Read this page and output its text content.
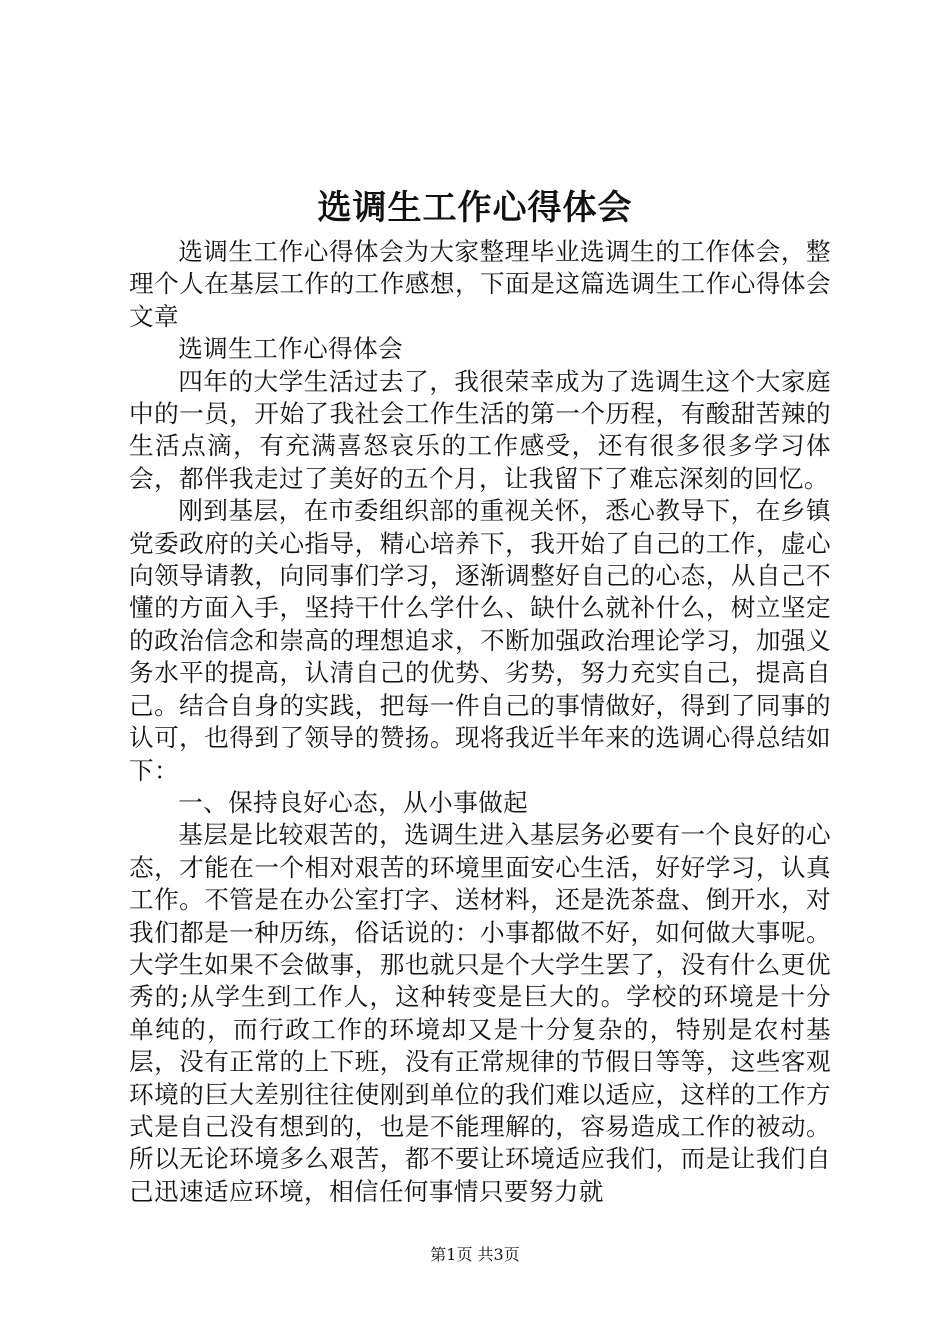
选调生工作心得体会

选调生工作心得体会为大家整理毕业选调生的工作体会，整理个人在基层工作的工作感想，下面是这篇选调生工作心得体会文章

选调生工作心得体会

四年的大学生活过去了，我很荣幸成为了选调生这个大家庭中的一员，开始了我社会工作生活的第一个历程，有酸甜苦辣的生活点滴，有充满喜怒哀乐的工作感受，还有很多很多学习体会，都伴我走过了美好的五个月，让我留下了难忘深刻的回忆。

刚到基层，在市委组织部的重视关怀，悉心教导下，在乡镇党委政府的关心指导，精心培养下，我开始了自己的工作，虚心向领导请教，向同事们学习，逐渐调整好自己的心态，从自己不懂的方面入手，坚持干什么学什么、缺什么就补什么，树立坚定的政治信念和崇高的理想追求，不断加强政治理论学习，加强义务水平的提高，认清自己的优势、劣势，努力充实自己，提高自己。结合自身的实践，把每一件自己的事情做好，得到了同事的认可，也得到了领导的赞扬。现将我近半年来的选调心得总结如下：

一、保持良好心态，从小事做起

基层是比较艰苦的，选调生进入基层务必要有一个良好的心态，才能在一个相对艰苦的环境里面安心生活，好好学习，认真工作。不管是在办公室打字、送材料，还是洗茶盘、倒开水，对我们都是一种历练，俗话说的：小事都做不好，如何做大事呢。大学生如果不会做事，那也就只是个大学生罢了，没有什么更优秀的;从学生到工作人，这种转变是巨大的。学校的环境是十分单纯的，而行政工作的环境却又是十分复杂的，特别是农村基层，没有正常的上下班，没有正常规律的节假日等等，这些客观环境的巨大差别往往使刚到单位的我们难以适应，这样的工作方式是自己没有想到的，也是不能理解的，容易造成工作的被动。所以无论环境多么艰苦，都不要让环境适应我们，而是让我们自己迅速适应环境，相信任何事情只要努力就

第1页 共3页
